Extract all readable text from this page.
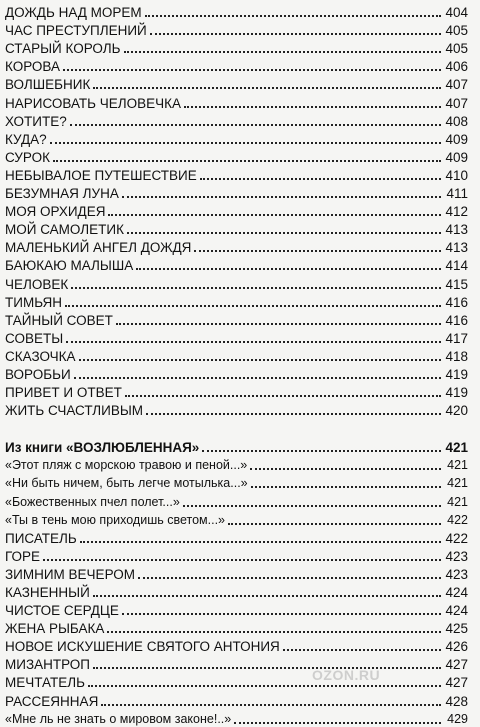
ДОЖДЬ НАД МОРЕМ	404
ЧАС ПРЕСТУПЛЕНИЙ	405
СТАРЫЙ КОРОЛЬ	405
КОРОВА	406
ВОЛШЕБНИК	407
НАРИСОВАТЬ ЧЕЛОВЕЧКА	407
ХОТИТЕ?	408
КУДА?	409
СУРОК	409
НЕБЫВАЛОЕ ПУТЕШЕСТВИЕ	410
БЕЗУМНАЯ ЛУНА	411
МОЯ ОРХИДЕЯ	412
МОЙ САМОЛЕТИК	413
МАЛЕНЬКИЙ АНГЕЛ ДОЖДЯ	413
БАЮКАЮ МАЛЫША	414
ЧЕЛОВЕК	415
ТИМЬЯН	416
ТАЙНЫЙ СОВЕТ	416
СОВЕТЫ	417
СКАЗОЧКА	418
ВОРОБЬИ	419
ПРИВЕТ И ОТВЕТ	419
ЖИТЬ СЧАСТЛИВЫМ	420
Из книги «ВОЗЛЮБЛЕННАЯ»	421
«Этот пляж с морскою травою и пеной...»	421
«Ни быть ничем, быть легче мотылька...»	421
«Божественных пчел полет...»	421
«Ты в тень мою приходишь светом...»	422
ПИСАТЕЛЬ	422
ГОРЕ	423
ЗИМНИМ ВЕЧЕРОМ	423
КАЗНЕННЫЙ	424
ЧИСТОЕ СЕРДЦЕ	424
ЖЕНА РЫБАКА	425
НОВОЕ ИСКУШЕНИЕ СВЯТОГО АНТОНИЯ	426
МИЗАНТРОП	427
МЕЧТАТЕЛЬ	427
РАССЕЯННАЯ	428
«Мне ль не знать о мировом законе!..»	429
OZON.RU
